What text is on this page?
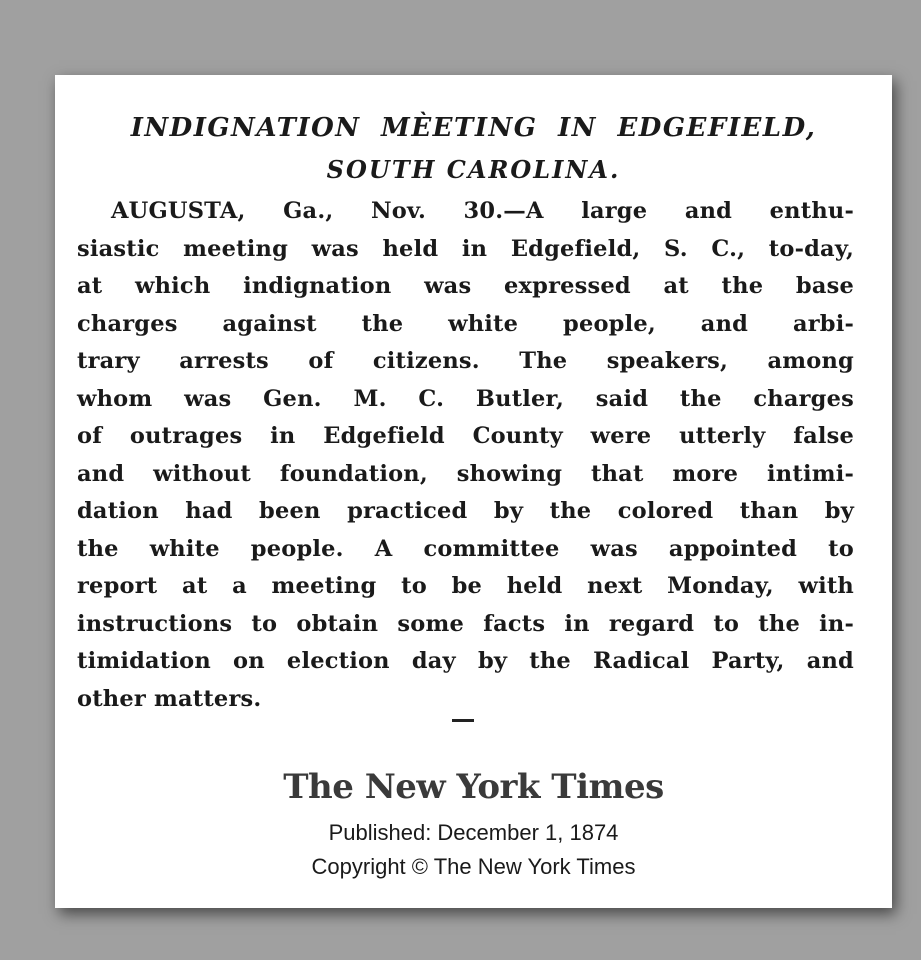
INDIGNATION MÈETING IN EDGEFIELD,
SOUTH CAROLINA.
AUGUSTA, Ga., Nov. 30.—A large and enthu-
siastic meeting was held in Edgefield, S. C., to-day,
at which indignation was expressed at the base
charges against the white people, and arbi-
trary arrests of citizens. The speakers, among
whom was Gen. M. C. Butler, said the charges
of outrages in Edgefield County were utterly false
and without foundation, showing that more intimi-
dation had been practiced by the colored than by
the white people. A committee was appointed to
report at a meeting to be held next Monday, with
instructions to obtain some facts in regard to the in-
timidation on election day by the Radical Party, and
other matters.
The New York Times
Published: December 1, 1874
Copyright © The New York Times
